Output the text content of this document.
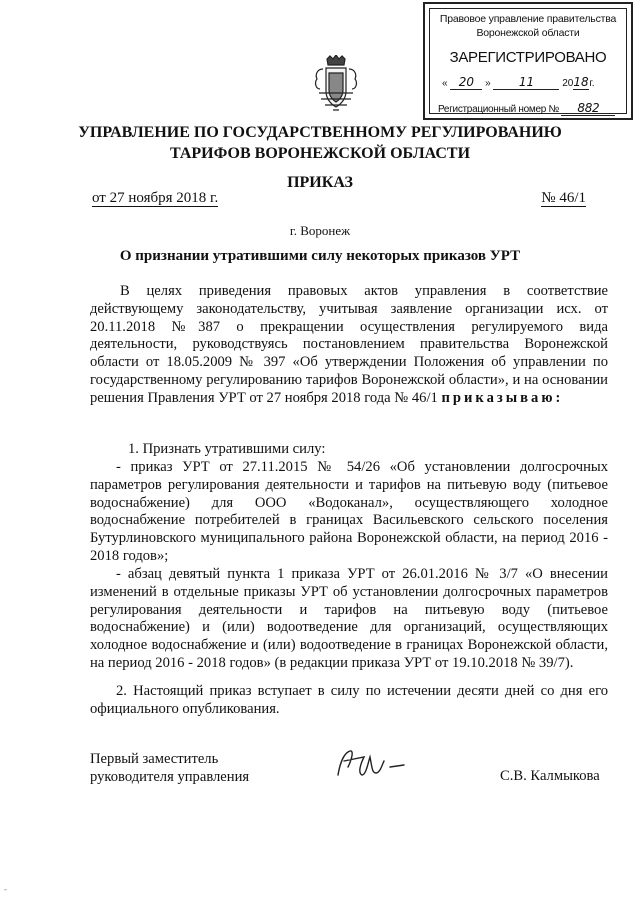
Правовое управление правительства
Воронежской области
ЗАРЕГИСТРИРОВАНО
« 20 » 11	2018г.
Регистрационный номер № 882
УПРАВЛЕНИЕ ПО ГОСУДАРСТВЕННОМУ РЕГУЛИРОВАНИЮ
ТАРИФОВ ВОРОНЕЖСКОЙ ОБЛАСТИ
ПРИКАЗ
от 27 ноября 2018 г.	№ 46/1
г. Воронеж
О признании утратившими силу некоторых приказов УРТ
В целях приведения правовых актов управления в соответствие действующему законодательству, учитывая заявление организации исх. от 20.11.2018 №387 о прекращении осуществления регулируемого вида деятельности, руководствуясь постановлением правительства Воронежской области от 18.05.2009 № 397 «Об утверждении Положения об управлении по государственному регулированию тарифов Воронежской области», и на основании решения Правления УРТ от 27 ноября 2018 года № 46/1 приказываю:
1. Признать утратившими силу:
- приказ УРТ от 27.11.2015 № 54/26 «Об установлении долгосрочных параметров регулирования деятельности и тарифов на питьевую воду (питьевое водоснабжение) для ООО «Водоканал», осуществляющего холодное водоснабжение потребителей в границах Васильевского сельского поселения Бутурлиновского муниципального района Воронежской области, на период 2016 - 2018 годов»;
- абзац девятый пункта 1 приказа УРТ от 26.01.2016 № 3/7 «О внесении изменений в отдельные приказы УРТ об установлении долгосрочных параметров регулирования деятельности и тарифов на питьевую воду (питьевое водоснабжение) и (или) водоотведение для организаций, осуществляющих холодное водоснабжение и (или) водоотведение в границах Воронежской области, на период 2016 - 2018 годов» (в редакции приказа УРТ от 19.10.2018 № 39/7).
2. Настоящий приказ вступает в силу по истечении десяти дней со дня его официального опубликования.
Первый заместитель
руководителя управления	С.В. Калмыкова
-
